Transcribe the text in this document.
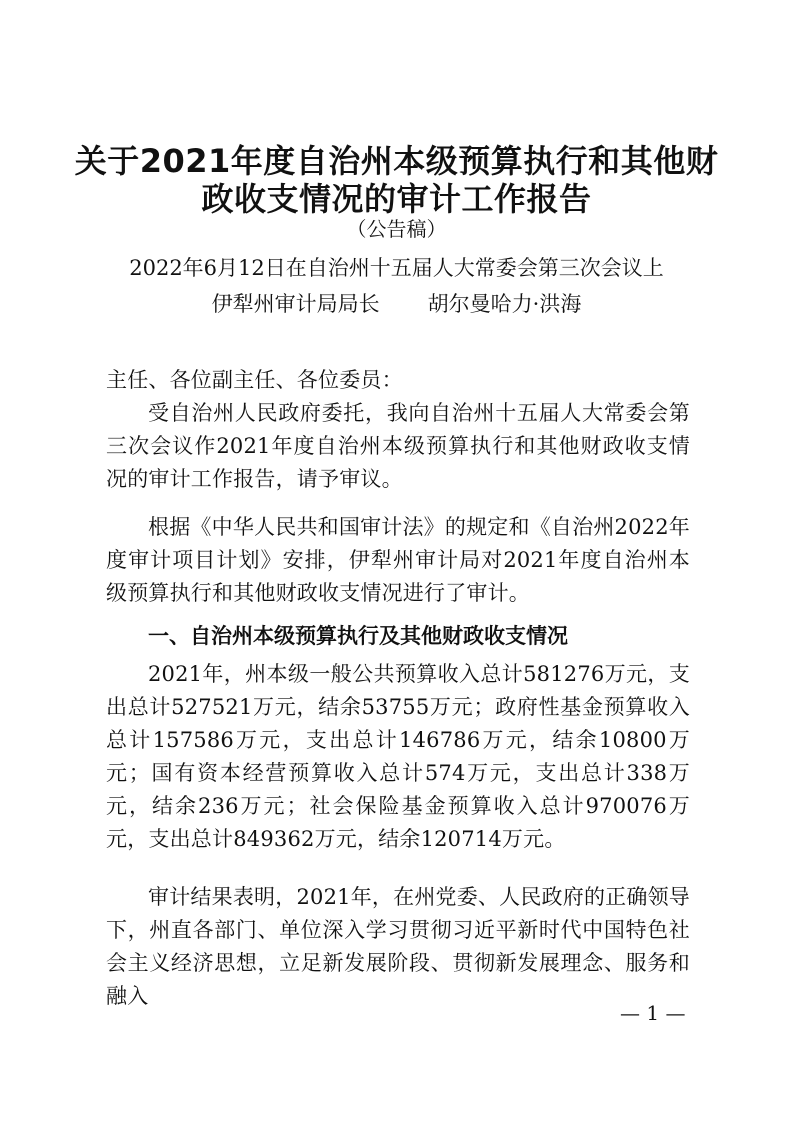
关于2021年度自治州本级预算执行和其他财
政收支情况的审计工作报告
（公告稿）
2022年6月12日在自治州十五届人大常委会第三次会议上
伊犁州审计局局长 胡尔曼哈力·洪海
主任、各位副主任、各位委员：
受自治州人民政府委托，我向自治州十五届人大常委会第三次会议作2021年度自治州本级预算执行和其他财政收支情况的审计工作报告，请予审议。
根据《中华人民共和国审计法》的规定和《自治州2022年度审计项目计划》安排，伊犁州审计局对2021年度自治州本级预算执行和其他财政收支情况进行了审计。
一、自治州本级预算执行及其他财政收支情况
2021年，州本级一般公共预算收入总计581276万元，支出总计527521万元，结余53755万元；政府性基金预算收入总计157586万元，支出总计146786万元，结余10800万元；国有资本经营预算收入总计574万元，支出总计338万元，结余236万元；社会保险基金预算收入总计970076万元，支出总计849362万元，结余120714万元。
审计结果表明，2021年，在州党委、人民政府的正确领导下，州直各部门、单位深入学习贯彻习近平新时代中国特色社会主义经济思想，立足新发展阶段、贯彻新发展理念、服务和融入
— 1 —
